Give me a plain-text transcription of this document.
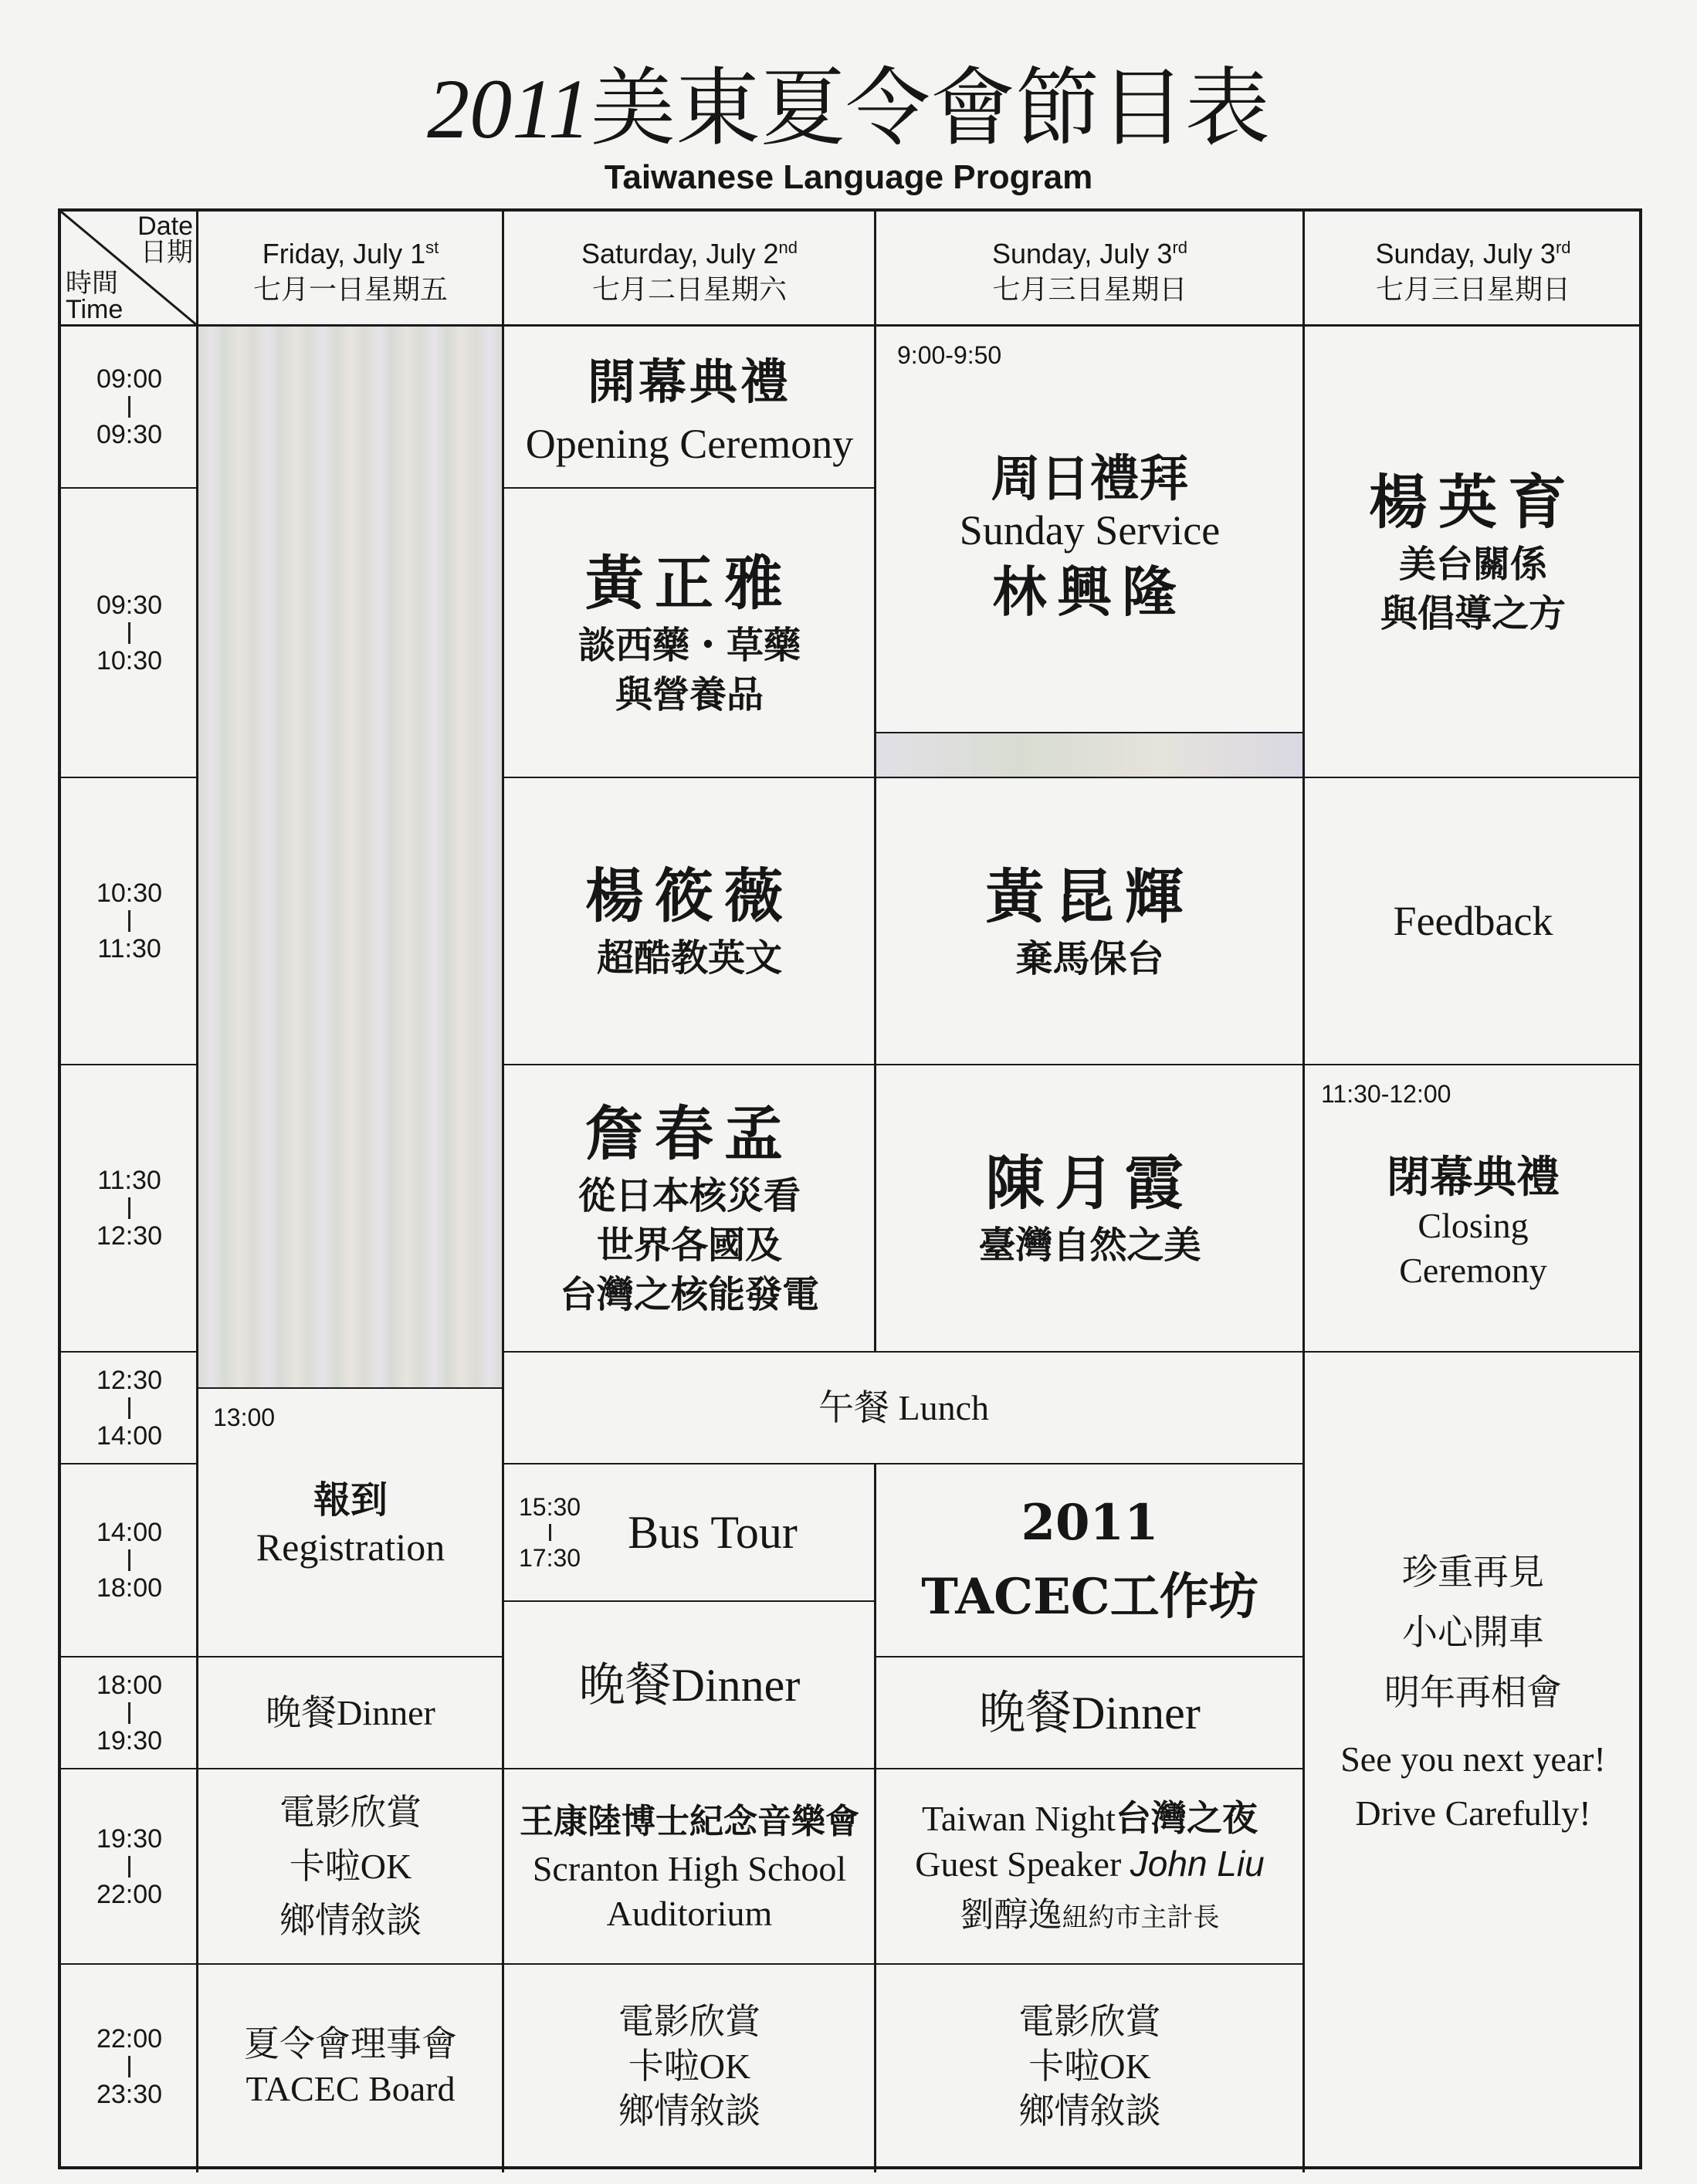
2011美東夏令會節目表
Taiwanese Language Program
Date
日期
時間
Time
Friday, July 1st
七月一日星期五
Saturday, July 2nd
七月二日星期六
Sunday, July 3rd
七月三日星期日
Sunday, July 3rd
七月三日星期日
09:00
09:30
09:30
10:30
10:30
11:30
11:30
12:30
12:30
14:00
14:00
18:00
18:00
19:30
19:30
22:00
22:00
23:30
開幕典禮
Opening Ceremony
黃正雅
談西藥・草藥
與營養品
楊筱薇
超酷教英文
詹春孟
從日本核災看
世界各國及
台灣之核能發電
午餐 Lunch
15:30
17:30 Bus Tour
晚餐Dinner
王康陸博士紀念音樂會
Scranton High School
Auditorium
電影欣賞
卡啦OK
鄉情敘談
13:00
報到
Registration
晚餐Dinner
電影欣賞
卡啦OK
鄉情敘談
夏令會理事會
TACEC Board
9:00-9:50
周日禮拜
Sunday Service
林興隆
黃昆輝
棄馬保台
陳月霞
臺灣自然之美
2011
TACEC工作坊
晚餐Dinner
Taiwan Night台灣之夜
Guest Speaker John Liu
劉醇逸紐約市主計長
電影欣賞
卡啦OK
鄉情敘談
楊英育
美台關係
與倡導之方
Feedback
11:30-12:00
閉幕典禮
Closing
Ceremony
珍重再見
小心開車
明年再相會
See you next year!
Drive Carefully!
